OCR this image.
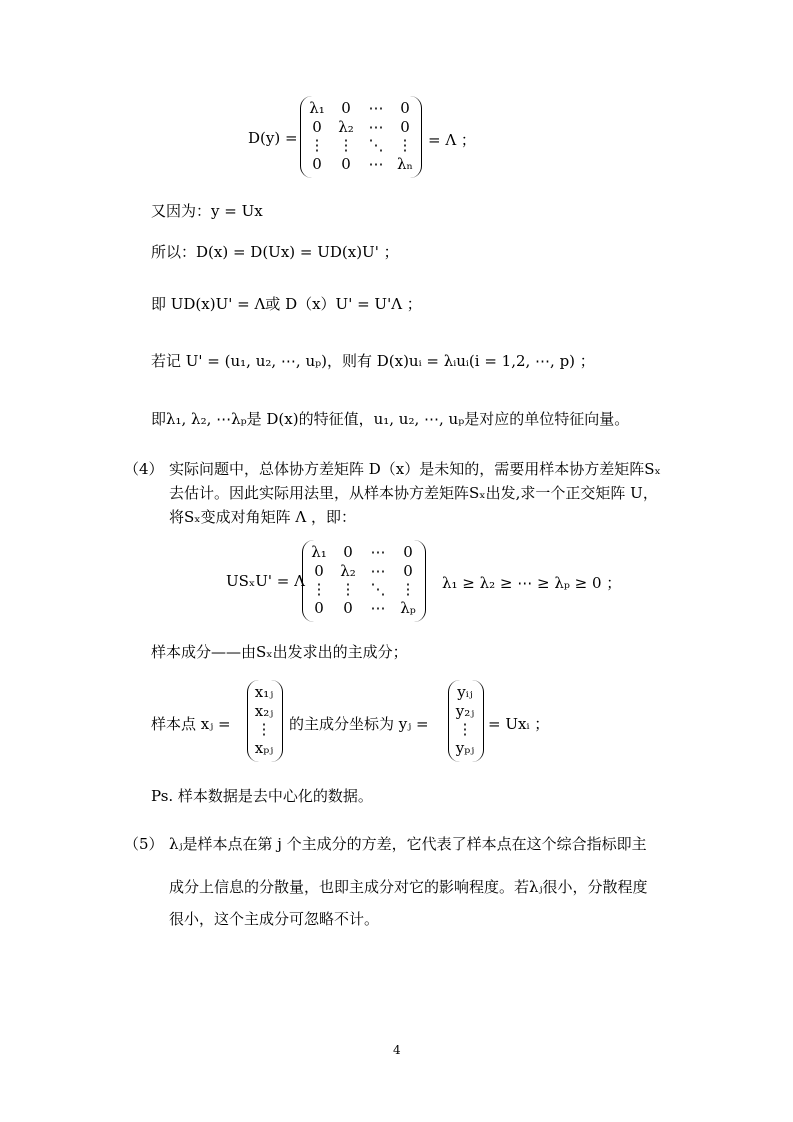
D(y) =
λ₁	0	⋯	0
0	λ₂ ⋯	0
⋮ ⋮	⋱ ⋮
0	0	⋯ λₙ
= Λ ；
又因为：y = Ux
所以：D(x) = D(Ux) = UD(x)U' ；
即 UD(x)U' = Λ或 D（x）U' = U'Λ ；
若记 U' = (u₁, u₂, ⋯, uₚ)，则有 D(x)uᵢ = λᵢuᵢ(i = 1,2, ⋯, p) ；
即λ₁, λ₂, ⋯λₚ是 D(x)的特征值，u₁, u₂, ⋯, uₚ是对应的单位特征向量。
（4） 实际问题中，总体协方差矩阵 D（x）是未知的，需要用样本协方差矩阵Sₓ
去估计。因此实际用法里，从样本协方差矩阵Sₓ出发,求一个正交矩阵 U，
将Sₓ变成对角矩阵 Λ ，即：
USₓU' = Λ
λ₁	0	⋯	0
0	λ₂ ⋯	0
⋮ ⋮	⋱	⋮
0	0	⋯ λₚ
λ₁ ≥ λ₂ ≥ ⋯ ≥ λₚ ≥ 0 ；
样本成分——由Sₓ出发求出的主成分；
样本点 xⱼ =
x₁ⱼ
x₂ⱼ
⋮
xₚⱼ
的主成分坐标为 yⱼ =
yᵢⱼ
y₂ⱼ
⋮
yₚⱼ
= Uxᵢ ；
Ps. 样本数据是去中心化的数据。
（5） λⱼ是样本点在第 j 个主成分的方差，它代表了样本点在这个综合指标即主
成分上信息的分散量，也即主成分对它的影响程度。若λⱼ很小，分散程度
很小，这个主成分可忽略不计。
4
